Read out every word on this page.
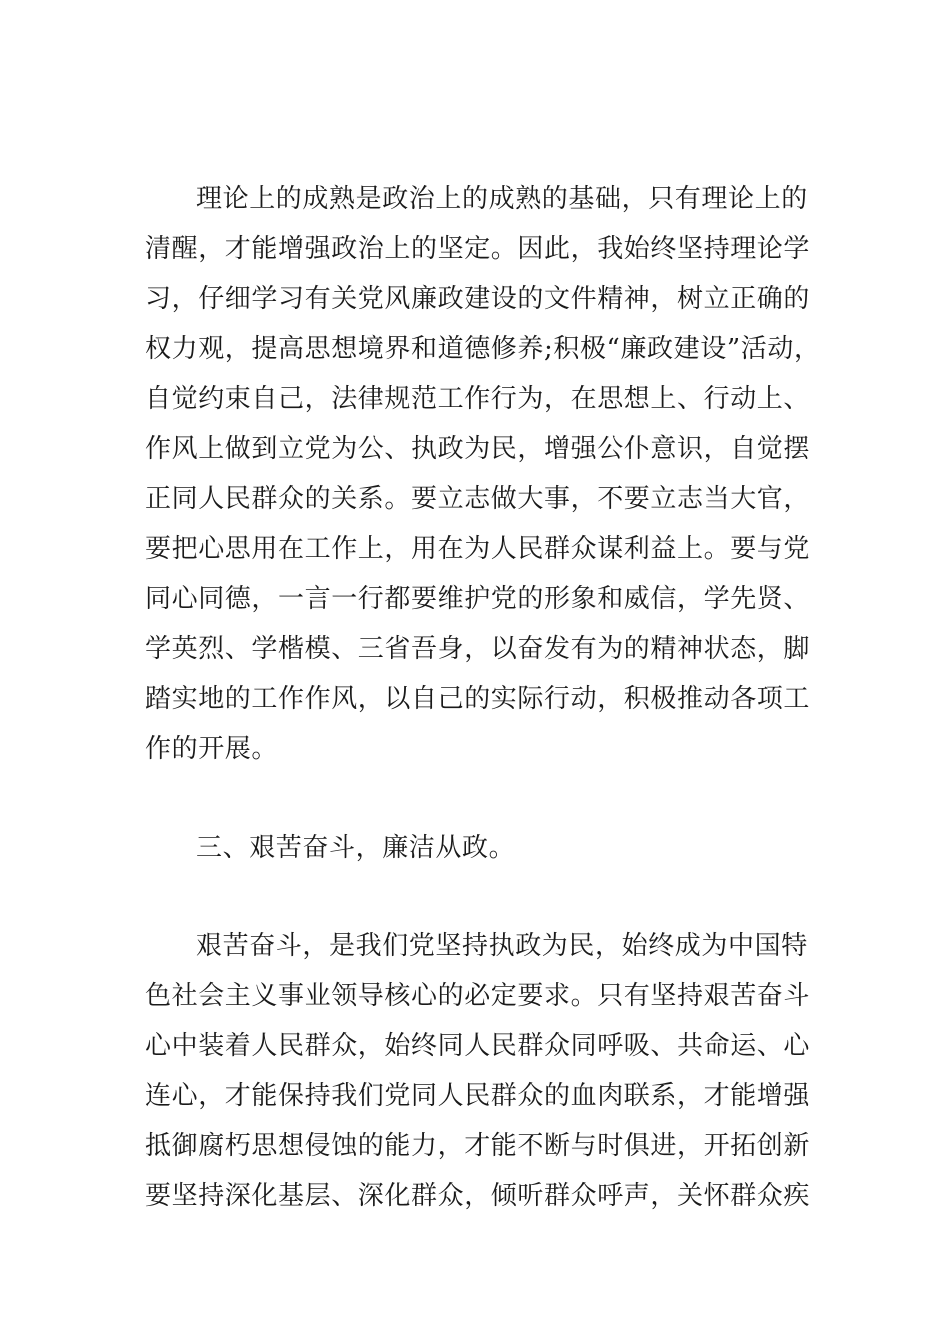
理论上的成熟是政治上的成熟的基础，只有理论上的
清醒，才能增强政治上的坚定。因此，我始终坚持理论学
习，仔细学习有关党风廉政建设的文件精神，树立正确的
权力观，提高思想境界和道德修养;积极“廉政建设”活动，
自觉约束自己，法律规范工作行为，在思想上、行动上、
作风上做到立党为公、执政为民，增强公仆意识，自觉摆
正同人民群众的关系。要立志做大事，不要立志当大官，
要把心思用在工作上，用在为人民群众谋利益上。要与党
同心同德，一言一行都要维护党的形象和威信，学先贤、
学英烈、学楷模、三省吾身，以奋发有为的精神状态，脚
踏实地的工作作风，以自己的实际行动，积极推动各项工
作的开展。
三、艰苦奋斗，廉洁从政。
艰苦奋斗，是我们党坚持执政为民，始终成为中国特
色社会主义事业领导核心的必定要求。只有坚持艰苦奋斗
心中装着人民群众，始终同人民群众同呼吸、共命运、心
连心，才能保持我们党同人民群众的血肉联系，才能增强
抵御腐朽思想侵蚀的能力，才能不断与时俱进，开拓创新
要坚持深化基层、深化群众，倾听群众呼声，关怀群众疾
